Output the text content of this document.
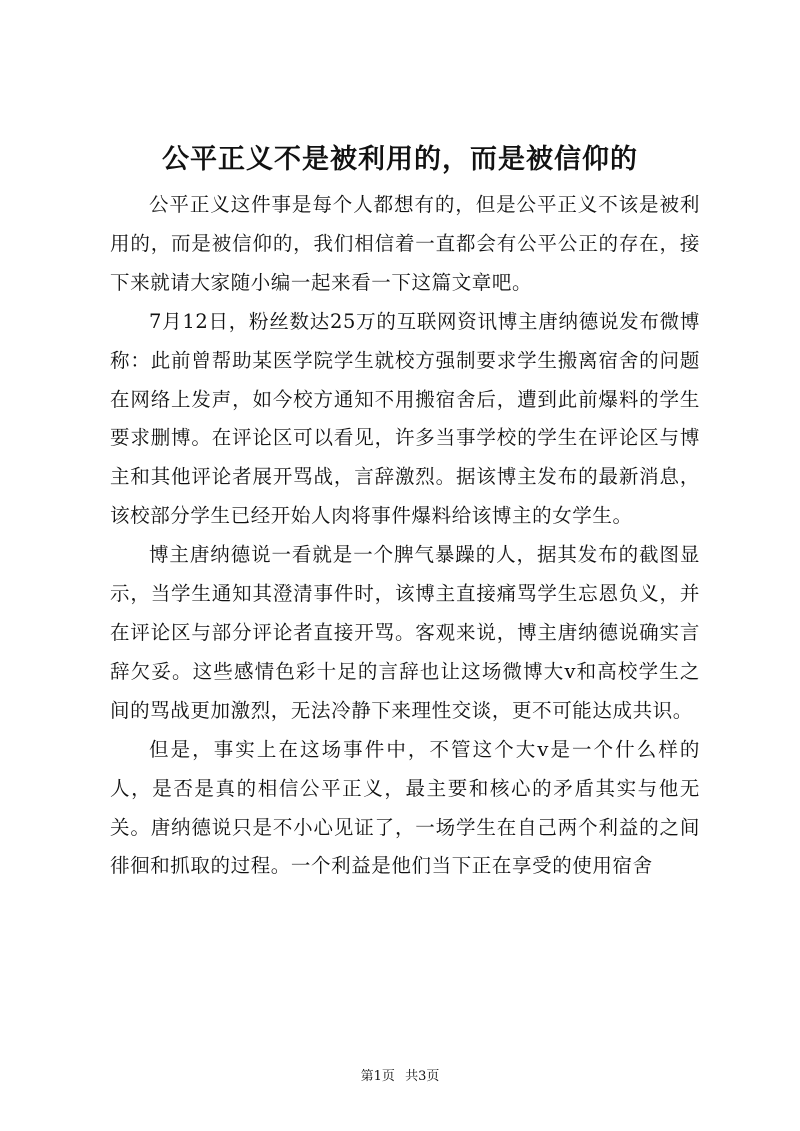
公平正义不是被利用的，而是被信仰的

公平正义这件事是每个人都想有的，但是公平正义不该是被利用的，而是被信仰的，我们相信着一直都会有公平公正的存在，接下来就请大家随小编一起来看一下这篇文章吧。

7月12日，粉丝数达25万的互联网资讯博主唐纳德说发布微博称：此前曾帮助某医学院学生就校方强制要求学生搬离宿舍的问题在网络上发声，如今校方通知不用搬宿舍后，遭到此前爆料的学生要求删博。在评论区可以看见，许多当事学校的学生在评论区与博主和其他评论者展开骂战，言辞激烈。据该博主发布的最新消息，该校部分学生已经开始人肉将事件爆料给该博主的女学生。

博主唐纳德说一看就是一个脾气暴躁的人，据其发布的截图显示，当学生通知其澄清事件时，该博主直接痛骂学生忘恩负义，并在评论区与部分评论者直接开骂。客观来说，博主唐纳德说确实言辞欠妥。这些感情色彩十足的言辞也让这场微博大v和高校学生之间的骂战更加激烈，无法冷静下来理性交谈，更不可能达成共识。

但是，事实上在这场事件中，不管这个大v是一个什么样的人，是否是真的相信公平正义，最主要和核心的矛盾其实与他无关。唐纳德说只是不小心见证了，一场学生在自己两个利益的之间徘徊和抓取的过程。一个利益是他们当下正在享受的使用宿舍

第1页 共3页
